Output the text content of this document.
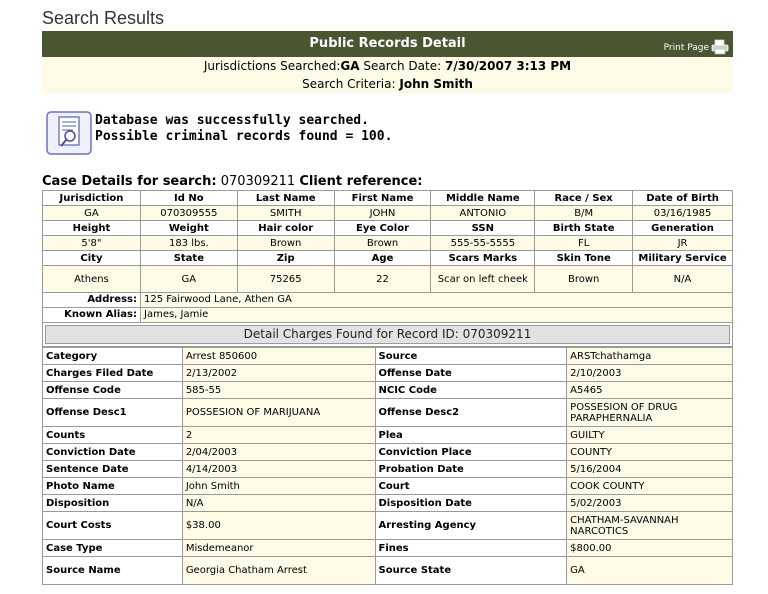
Search Results
Public Records Detail	Print Page
Jurisdictions Searched:GA Search Date: 7/30/2007 3:13 PM
Search Criteria: John Smith
Database was successfully searched.
Possible criminal records found = 100.
Case Details for search: 070309211 Client reference:
Jurisdiction	Id No	Last Name	First Name	Middle Name	Race / Sex	Date of Birth
GA	070309555	SMITH	JOHN	ANTONIO	B/M	03/16/1985
Height	Weight	Hair color	Eye Color	SSN	Birth State	Generation
5'8"	183 lbs.	Brown	Brown	555-55-5555	FL	JR
City	State	Zip	Age	Scars Marks	Skin Tone	Military Service
Athens	GA	75265	22	Scar on left cheek	Brown	N/A
Address:	125 Fairwood Lane, Athen GA
Known Alias:	James, Jamie
Detail Charges Found for Record ID: 070309211
Category	Arrest 850600	Source	ARSTchathamga
Charges Filed Date	2/13/2002	Offense Date	2/10/2003
Offense Code	585-55	NCIC Code	A5465
Offense Desc1	POSSESION OF MARIJUANA	Offense Desc2	POSSESION OF DRUG PARAPHERNALIA
Counts	2	Plea	GUILTY
Conviction Date	2/04/2003	Conviction Place	COUNTY
Sentence Date	4/14/2003	Probation Date	5/16/2004
Photo Name	John Smith	Court	COOK COUNTY
Disposition	N/A	Disposition Date	5/02/2003
Court Costs	$38.00	Arresting Agency	CHATHAM-SAVANNAH NARCOTICS
Case Type	Misdemeanor	Fines	$800.00
Source Name	Georgia Chatham Arrest	Source State	GA
